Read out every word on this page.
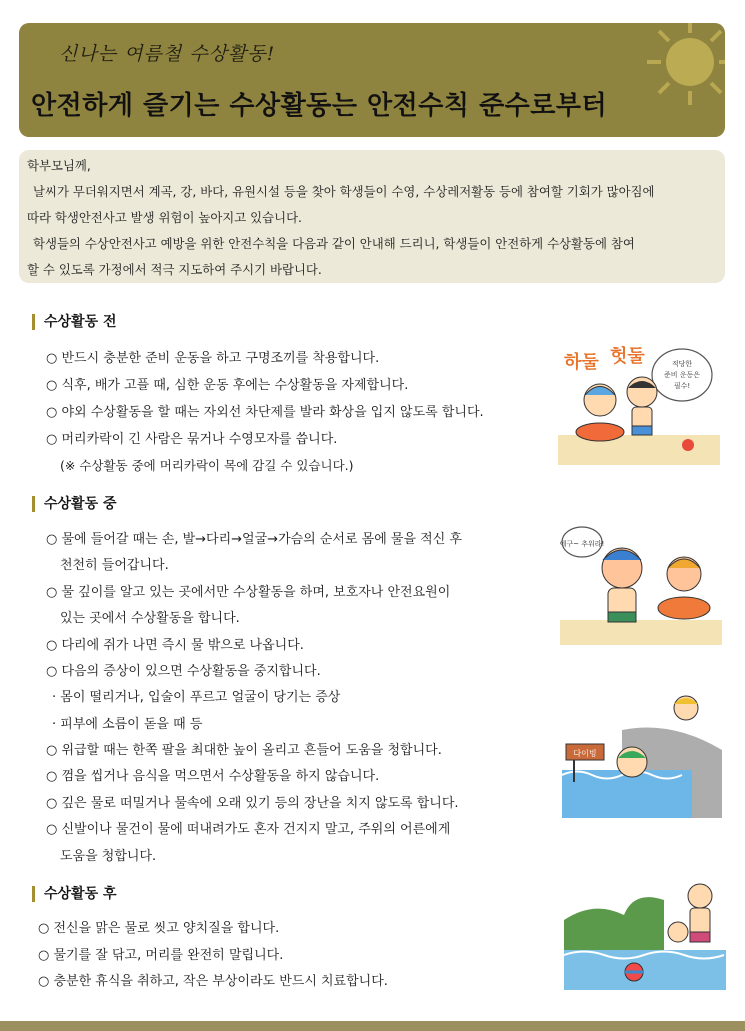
신나는 여름철 수상활동!
안전하게 즐기는 수상활동는 안전수칙 준수로부터

학부모님께,

날씨가 무더워지면서 계곡, 강, 바다, 유원시설 등을 찾아 학생들이 수영, 수상레저활동 등에 참여할 기회가 많아짐에

따라 학생안전사고 발생 위험이 높아지고 있습니다.

학생들의 수상안전사고 예방을 위한 안전수칙을 다음과 같이 안내해 드리니, 학생들이 안전하게 수상활동에 참여

할 수 있도록 가정에서 적극 지도하여 주시기 바랍니다.

수상활동 전
○ 반드시 충분한 준비 운동을 하고 구명조끼를 착용합니다.
○ 식후, 배가 고플 때, 심한 운동 후에는 수상활동을 자제합니다.
○ 야외 수상활동을 할 때는 자외선 차단제를 발라 화상을 입지 않도록 합니다.
○ 머리카락이 긴 사람은 묶거나 수영모자를 씁니다.
(※ 수상활동 중에 머리카락이 목에 감길 수 있습니다.)
하둘 헛둘	적당한
준비 운동은
필수!
수상활동 중
○ 물에 들어갈 때는 손, 발→다리→얼굴→가슴의 순서로 몸에 물을 적신 후
천천히 들어갑니다.
○ 물 깊이를 알고 있는 곳에서만 수상활동을 하며, 보호자나 안전요원이
있는 곳에서 수상활동을 합니다.
○ 다리에 쥐가 나면 즉시 물 밖으로 나옵니다.
○ 다음의 증상이 있으면 수상활동을 중지합니다.
· 몸이 떨리거나, 입술이 푸르고 얼굴이 당기는 증상
· 피부에 소름이 돋을 때 등
○ 위급할 때는 한쪽 팔을 최대한 높이 올리고 흔들어 도움을 청합니다.
○ 껌을 씹거나 음식을 먹으면서 수상활동을 하지 않습니다.
○ 깊은 물로 떠밀거나 물속에 오래 있기 등의 장난을 치지 않도록 합니다.
○ 신발이나 물건이 물에 떠내려가도 혼자 건지지 말고, 주위의 어른에게
도움을 청합니다.
에구~ 추워라!
다이빙
수상활동 후
○ 전신을 맑은 물로 씻고 양치질을 합니다.
○ 물기를 잘 닦고, 머리를 완전히 말립니다.
○ 충분한 휴식을 취하고, 작은 부상이라도 반드시 치료합니다.
